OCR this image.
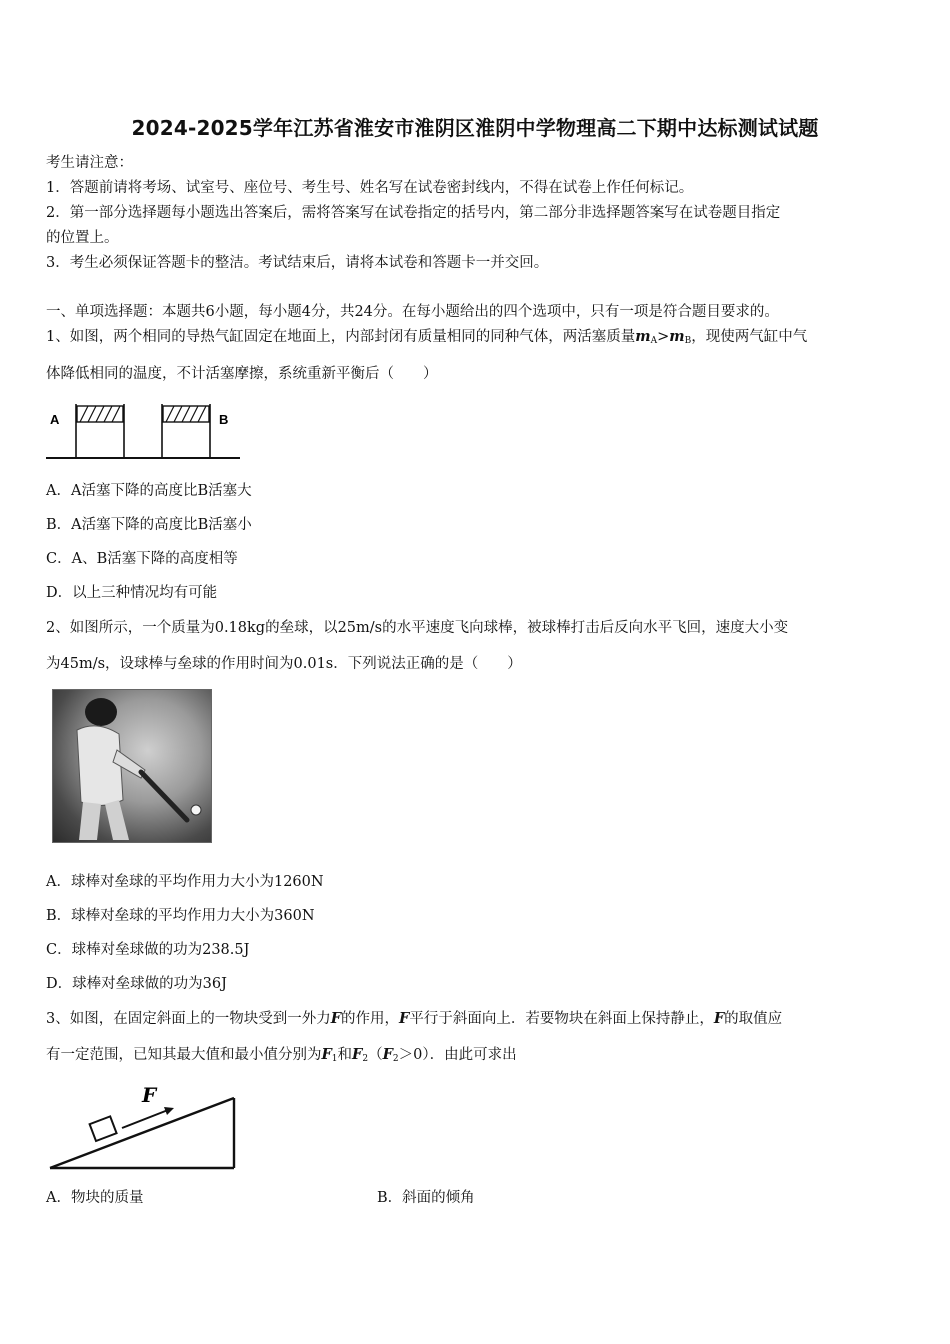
2024-2025学年江苏省淮安市淮阴区淮阴中学物理高二下期中达标测试试题
考生请注意：
1．答题前请将考场、试室号、座位号、考生号、姓名写在试卷密封线内，不得在试卷上作任何标记。
2．第一部分选择题每小题选出答案后，需将答案写在试卷指定的括号内，第二部分非选择题答案写在试卷题目指定
的位置上。
3．考生必须保证答题卡的整洁。考试结束后，请将本试卷和答题卡一并交回。
一、单项选择题：本题共6小题，每小题4分，共24分。在每小题给出的四个选项中，只有一项是符合题目要求的。
1、如图，两个相同的导热气缸固定在地面上，内部封闭有质量相同的同种气体，两活塞质量$m_A>m_B$，现使两气缸中气
体降低相同的温度，不计活塞摩擦，系统重新平衡后（　　）
A	B
A．A活塞下降的高度比B活塞大
B．A活塞下降的高度比B活塞小
C．A、B活塞下降的高度相等
D．以上三种情况均有可能
2、如图所示，一个质量为0.18kg的垒球，以25m/s的水平速度飞向球棒，被球棒打击后反向水平飞回，速度大小变
为45m/s，设球棒与垒球的作用时间为0.01s．下列说法正确的是（　　）
A．球棒对垒球的平均作用力大小为1260N
B．球棒对垒球的平均作用力大小为360N
C．球棒对垒球做的功为238.5J
D．球棒对垒球做的功为36J
3、如图，在固定斜面上的一物块受到一外力F的作用，F平行于斜面向上．若要物块在斜面上保持静止，F的取值应
有一定范围，已知其最大值和最小值分别为$F_1$和$F_2(F_2>0)$．由此可求出
F
A．物块的质量	B．斜面的倾角
